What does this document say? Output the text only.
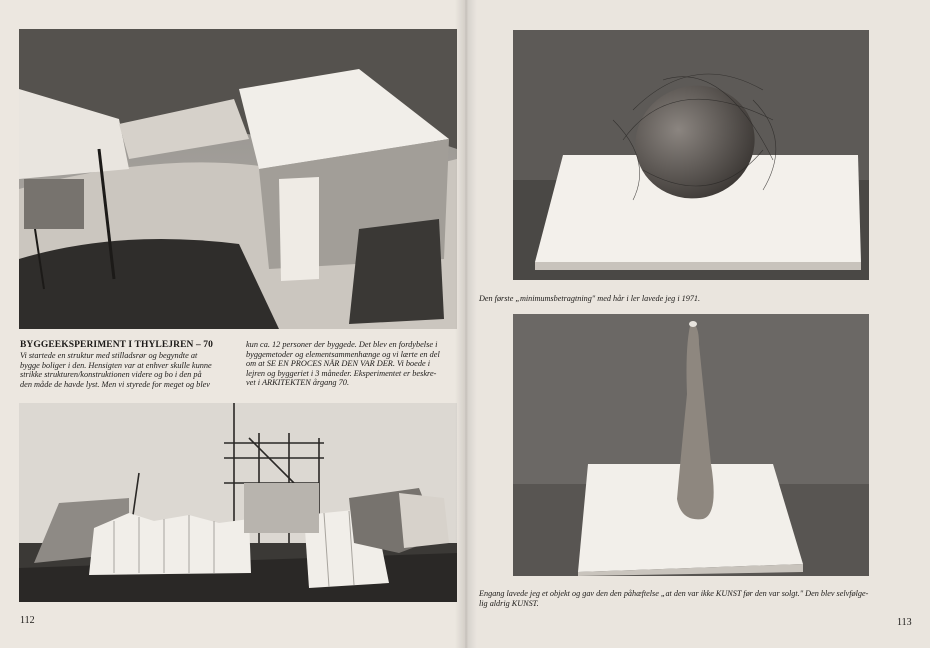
BYGGEEKSPERIMENT I THYLEJREN – 70
Vi startede en struktur med stilladsrør og begyndte at
bygge boliger i den. Hensigten var at enhver skulle kunne
strikke strukturen/konstruktionen videre og bo i den på
den måde de havde lyst. Men vi styrede for meget og blev
kun ca. 12 personer der byggede. Det blev en fordybelse i
byggemetoder og elementsammenhænge og vi lærte en del
om at SE EN PROCES NÅR DEN VAR DER. Vi boede i
lejren og byggeriet i 3 måneder. Eksperimentet er beskre-
vet i ARKITEKTEN årgang 70.
112
Den første „minimumsbetragtning" med hår i ler lavede jeg i 1971.
Engang lavede jeg et objekt og gav den den påhæftelse „at den var ikke KUNST før den var solgt." Den blev selvfølge-
lig aldrig KUNST.
113
